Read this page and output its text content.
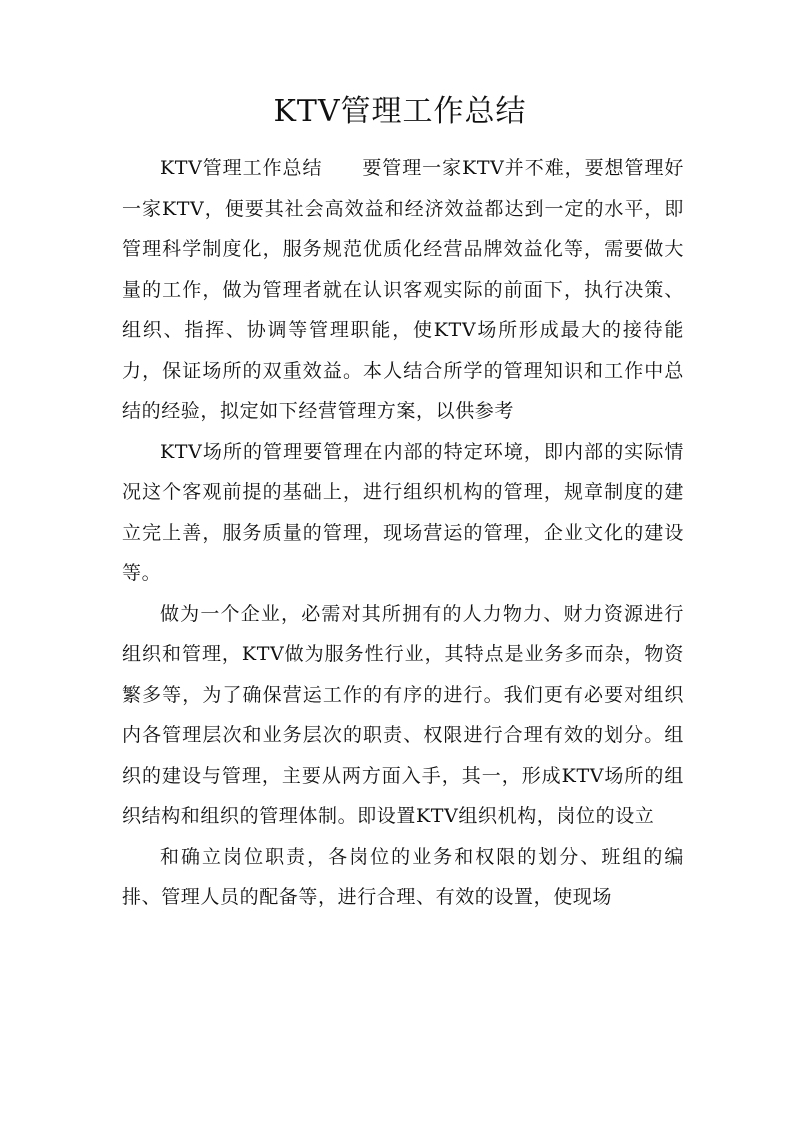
KTV管理工作总结

KTV管理工作总结　　要管理一家KTV并不难，要想管理好一家KTV，便要其社会高效益和经济效益都达到一定的水平，即管理科学制度化，服务规范优质化经营品牌效益化等，需要做大量的工作，做为管理者就在认识客观实际的前面下，执行决策、组织、指挥、协调等管理职能，使KTV场所形成最大的接待能力，保证场所的双重效益。本人结合所学的管理知识和工作中总结的经验，拟定如下经营管理方案，以供参考

KTV场所的管理要管理在内部的特定环境，即内部的实际情况这个客观前提的基础上，进行组织机构的管理，规章制度的建立完上善，服务质量的管理，现场营运的管理，企业文化的建设等。

做为一个企业，必需对其所拥有的人力物力、财力资源进行组织和管理，KTV做为服务性行业，其特点是业务多而杂，物资繁多等，为了确保营运工作的有序的进行。我们更有必要对组织内各管理层次和业务层次的职责、权限进行合理有效的划分。组织的建设与管理，主要从两方面入手，其一，形成KTV场所的组织结构和组织的管理体制。即设置KTV组织机构，岗位的设立

和确立岗位职责，各岗位的业务和权限的划分、班组的编排、管理人员的配备等，进行合理、有效的设置，使现场
